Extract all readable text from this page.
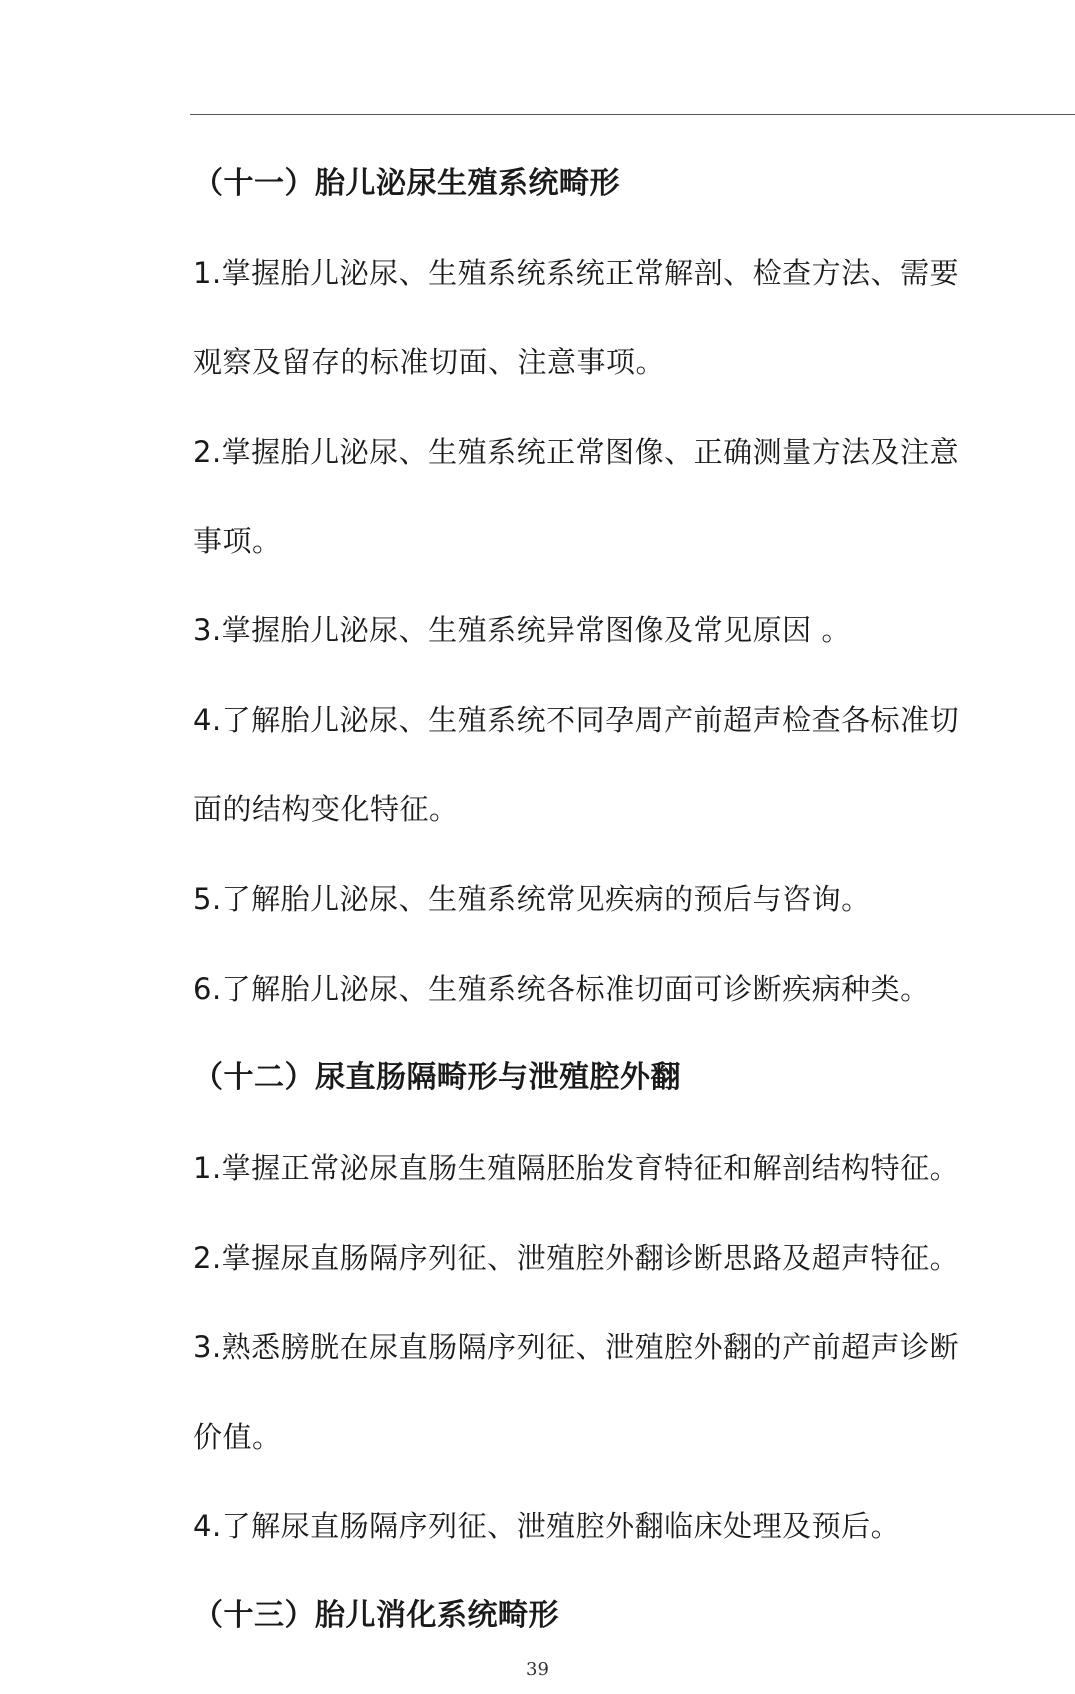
（十一）胎儿泌尿生殖系统畸形
1.掌握胎儿泌尿、生殖系统系统正常解剖、检查方法、需要
观察及留存的标准切面、注意事项。
2.掌握胎儿泌尿、生殖系统正常图像、正确测量方法及注意
事项。
3.掌握胎儿泌尿、生殖系统异常图像及常见原因 。
4.了解胎儿泌尿、生殖系统不同孕周产前超声检查各标准切
面的结构变化特征。
5.了解胎儿泌尿、生殖系统常见疾病的预后与咨询。
6.了解胎儿泌尿、生殖系统各标准切面可诊断疾病种类。
（十二）尿直肠隔畸形与泄殖腔外翻
1.掌握正常泌尿直肠生殖隔胚胎发育特征和解剖结构特征。
2.掌握尿直肠隔序列征、泄殖腔外翻诊断思路及超声特征。
3.熟悉膀胱在尿直肠隔序列征、泄殖腔外翻的产前超声诊断
价值。
4.了解尿直肠隔序列征、泄殖腔外翻临床处理及预后。
（十三）胎儿消化系统畸形
39
